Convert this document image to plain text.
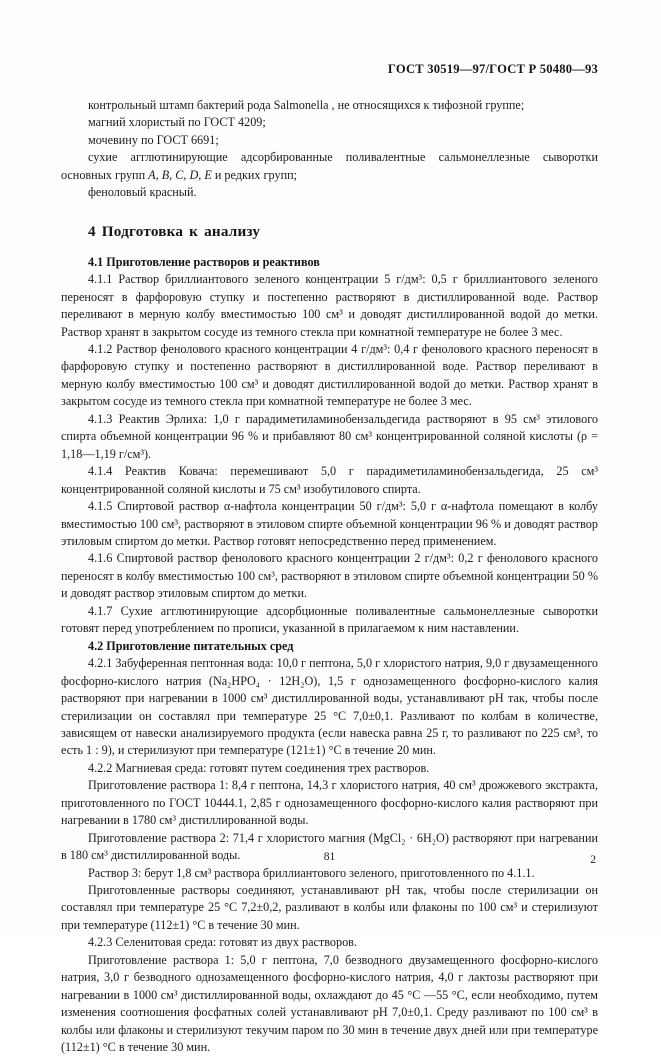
ГОСТ 30519—97/ГОСТ Р 50480—93

контрольный штамп бактерий рода Salmonella , не относящихся к тифозной группе;

магний хлористый по ГОСТ 4209;

мочевину по ГОСТ 6691;

сухие агглютинирующие адсорбированные поливалентные сальмонеллезные сыворотки основных групп A, B, C, D, E и редких групп;

феноловый красный.

4 Подготовка к анализу

4.1 Приготовление растворов и реактивов

4.1.1 Раствор бриллиантового зеленого концентрации 5 г/дм³: 0,5 г бриллиантового зеленого переносят в фарфоровую ступку и постепенно растворяют в дистиллированной воде. Раствор переливают в мерную колбу вместимостью 100 см³ и доводят дистиллированной водой до метки. Раствор хранят в закрытом сосуде из темного стекла при комнатной температуре не более 3 мес.

4.1.2 Раствор фенолового красного концентрации 4 г/дм³: 0,4 г фенолового красного переносят в фарфоровую ступку и постепенно растворяют в дистиллированной воде. Раствор переливают в мерную колбу вместимостью 100 см³ и доводят дистиллированной водой до метки. Раствор хранят в закрытом сосуде из темного стекла при комнатной температуре не более 3 мес.

4.1.3 Реактив Эрлиха: 1,0 г парадиметиламинобензальдегида растворяют в 95 см³ этилового спирта объемной концентрации 96 % и прибавляют 80 см³ концентрированной соляной кислоты (ρ = 1,18—1,19 г/см³).

4.1.4 Реактив Ковача: перемешивают 5,0 г парадиметиламинобензальдегида, 25 см³ концентрированной соляной кислоты и 75 см³ изобутилового спирта.

4.1.5 Спиртовой раствор α-нафтола концентрации 50 г/дм³: 5,0 г α-нафтола помещают в колбу вместимостью 100 см³, растворяют в этиловом спирте объемной концентрации 96 % и доводят раствор этиловым спиртом до метки. Раствор готовят непосредственно перед применением.

4.1.6 Спиртовой раствор фенолового красного концентрации 2 г/дм³: 0,2 г фенолового красного переносят в колбу вместимостью 100 см³, растворяют в этиловом спирте объемной концентрации 50 % и доводят раствор этиловым спиртом до метки.

4.1.7 Сухие агглютинирующие адсорбционные поливалентные сальмонеллезные сыворотки готовят перед употреблением по прописи, указанной в прилагаемом к ним наставлении.

4.2 Приготовление питательных сред

4.2.1 Забуференная пептонная вода: 10,0 г пептона, 5,0 г хлористого натрия, 9,0 г двузамещенного фосфорно-кислого натрия (Na₂HPO₄ · 12H₂O), 1,5 г однозамещенного фосфорно-кислого калия растворяют при нагревании в 1000 см³ дистиллированной воды, устанавливают pH так, чтобы после стерилизации он составлял при температуре 25 °С 7,0±0,1. Разливают по колбам в количестве, зависящем от навески анализируемого продукта (если навеска равна 25 г, то разливают по 225 см³, то есть 1 : 9), и стерилизуют при температуре (121±1) °С в течение 20 мин.

4.2.2 Магниевая среда: готовят путем соединения трех растворов.

Приготовление раствора 1: 8,4 г пептона, 14,3 г хлористого натрия, 40 см³ дрожжевого экстракта, приготовленного по ГОСТ 10444.1, 2,85 г однозамещенного фосфорно-кислого калия растворяют при нагревании в 1780 см³ дистиллированной воды.

Приготовление раствора 2: 71,4 г хлористого магния (MgCl₂ · 6H₂O) растворяют при нагревании в 180 см³ дистиллированной воды.

Раствор 3: берут 1,8 см³ раствора бриллиантового зеленого, приготовленного по 4.1.1.

Приготовленные растворы соединяют, устанавливают pH так, чтобы после стерилизации он составлял при температуре 25 °С 7,2±0,2, разливают в колбы или флаконы по 100 см³ и стерилизуют при температуре (112±1) °С в течение 30 мин.

4.2.3 Селенитовая среда: готовят из двух растворов.

Приготовление раствора 1: 5,0 г пептона, 7,0 безводного двузамещенного фосфорно-кислого натрия, 3,0 г безводного однозамещенного фосфорно-кислого натрия, 4,0 г лактозы растворяют при нагревании в 1000 см³ дистиллированной воды, охлаждают до 45 °С —55 °С, если необходимо, путем изменения соотношения фосфатных солей устанавливают pH 7,0±0,1. Среду разливают по 100 см³ в колбы или флаконы и стерилизуют текучим паром по 30 мин в течение двух дней или при температуре (112±1) °С в течение 30 мин.

81	2
